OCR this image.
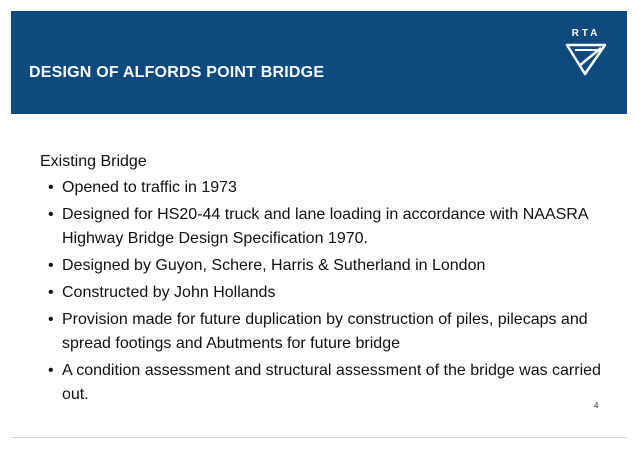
DESIGN OF ALFORDS POINT BRIDGE
RTA
Existing Bridge
• Opened to traffic in 1973
• Designed for HS20-44 truck and lane loading in accordance with NAASRA Highway Bridge Design Specification 1970.
• Designed by Guyon, Schere, Harris & Sutherland in London
• Constructed by John Hollands
• Provision made for future duplication by construction of piles, pilecaps and spread footings and Abutments for future bridge
• A condition assessment and structural assessment of the bridge was carried out.
4
